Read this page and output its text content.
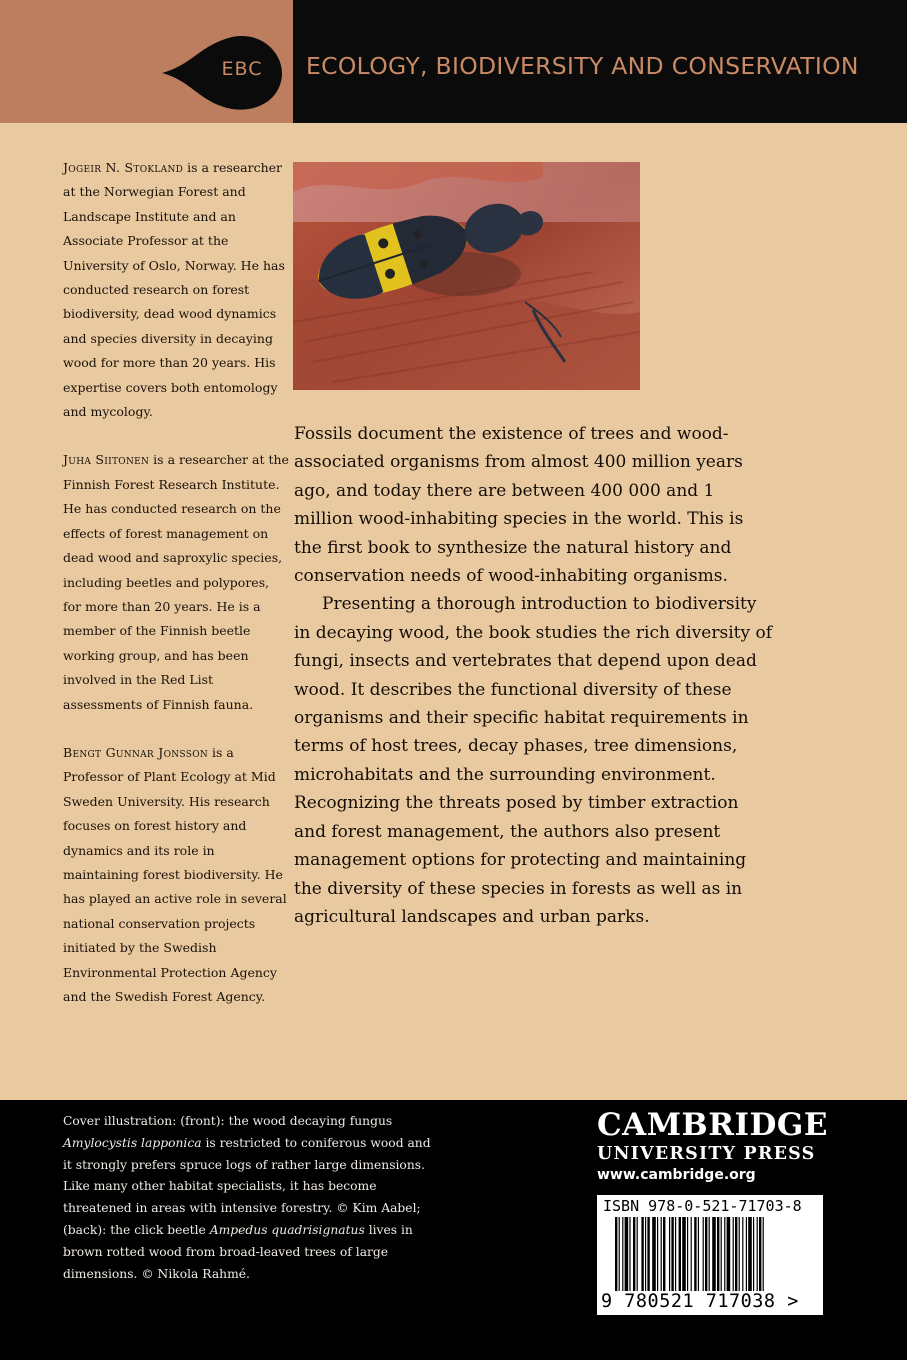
EBC	ECOLOGY, BIODIVERSITY AND CONSERVATION

Jogeir N. Stokland is a researcher at the Norwegian Forest and Landscape Institute and an Associate Professor at the University of Oslo, Norway. He has conducted research on forest biodiversity, dead wood dynamics and species diversity in decaying wood for more than 20 years. His expertise covers both entomology and mycology.

Juha Siitonen is a researcher at the Finnish Forest Research Institute. He has conducted research on the effects of forest management on dead wood and saproxylic species, including beetles and polypores, for more than 20 years. He is a member of the Finnish beetle working group, and has been involved in the Red List assessments of Finnish fauna.

Bengt Gunnar Jonsson is a Professor of Plant Ecology at Mid Sweden University. His research focuses on forest history and dynamics and its role in maintaining forest biodiversity. He has played an active role in several national conservation projects initiated by the Swedish Environmental Protection Agency and the Swedish Forest Agency.

Fossils document the existence of trees and wood-associated organisms from almost 400 million years ago, and today there are between 400 000 and 1 million wood-inhabiting species in the world. This is the first book to synthesize the natural history and conservation needs of wood-inhabiting organisms.

Presenting a thorough introduction to biodiversity in decaying wood, the book studies the rich diversity of fungi, insects and vertebrates that depend upon dead wood. It describes the functional diversity of these organisms and their specific habitat requirements in terms of host trees, decay phases, tree dimensions, microhabitats and the surrounding environment. Recognizing the threats posed by timber extraction and forest management, the authors also present management options for protecting and maintaining the diversity of these species in forests as well as in agricultural landscapes and urban parks.

Cover illustration: (front): the wood decaying fungus Amylocystis lapponica is restricted to coniferous wood and it strongly prefers spruce logs of rather large dimensions. Like many other habitat specialists, it has become threatened in areas with intensive forestry. © Kim Aabel; (back): the click beetle Ampedus quadrisignatus lives in brown rotted wood from broad-leaved trees of large dimensions. © Nikola Rahmé.
CAMBRIDGE
UNIVERSITY PRESS
www.cambridge.org
ISBN 978-0-521-71703-8
9 780521 717038 >
